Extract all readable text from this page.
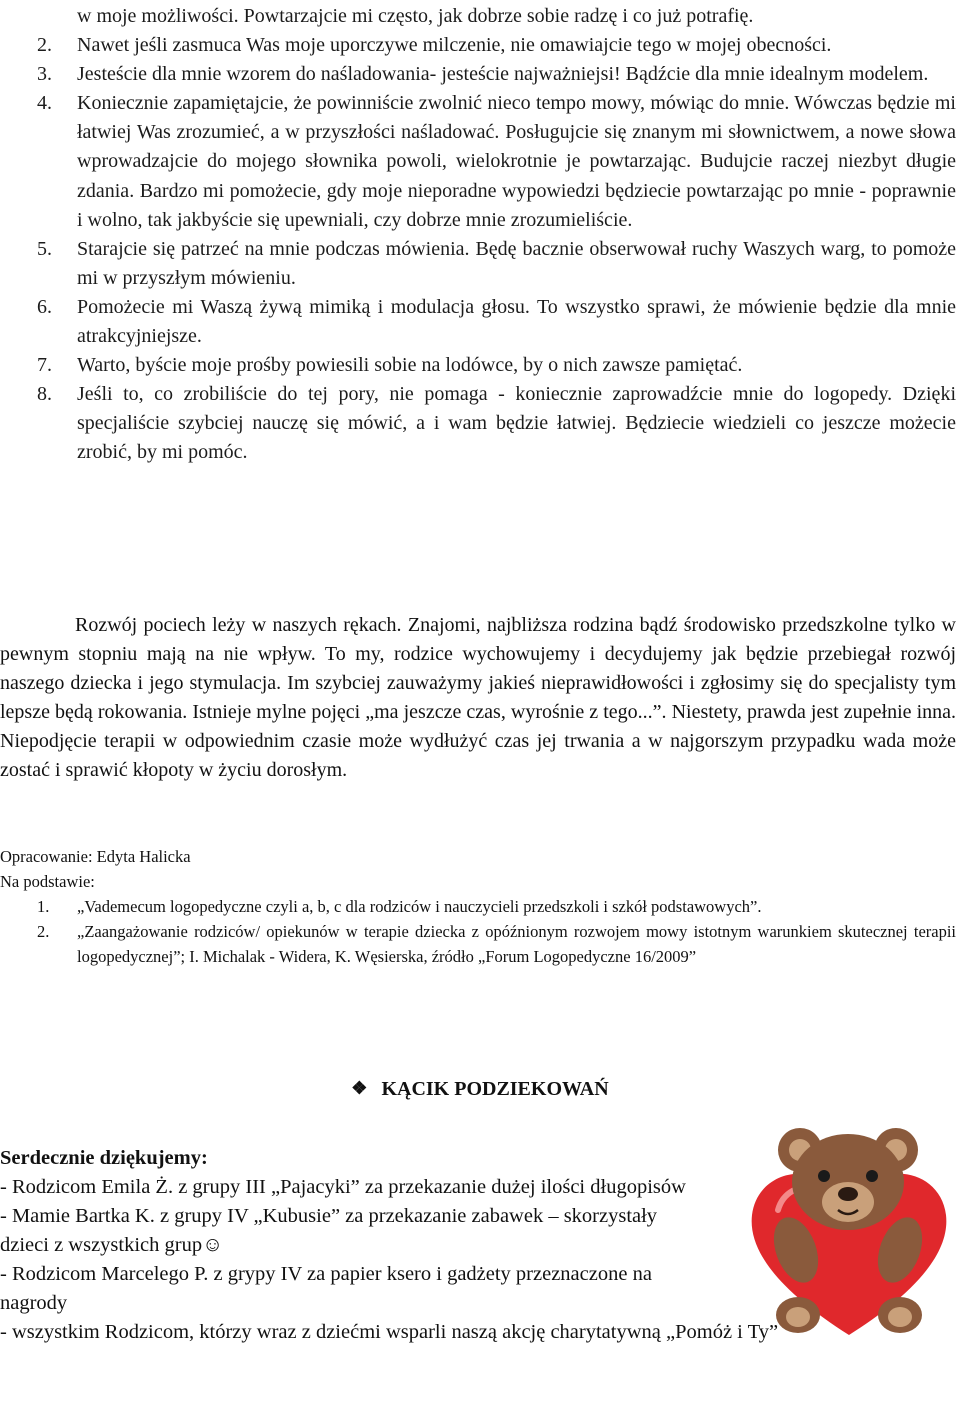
w moje możliwości. Powtarzajcie mi często, jak dobrze sobie radzę i co już potrafię.
2. Nawet jeśli zasmuca Was moje uporczywe milczenie, nie omawiajcie tego w mojej obecności.
3. Jesteście dla mnie wzorem do naśladowania- jesteście najważniejsi! Bądźcie dla mnie idealnym modelem.
4. Koniecznie zapamiętajcie, że powinniście zwolnić nieco tempo mowy, mówiąc do mnie. Wówczas będzie mi łatwiej Was zrozumieć, a w przyszłości naśladować. Posługujcie się znanym mi słownictwem, a nowe słowa wprowadzajcie do mojego słownika powoli, wielokrotnie je powtarzając. Budujcie raczej niezbyt długie zdania. Bardzo mi pomożecie, gdy moje nieporadne wypowiedzi będziecie powtarzając po mnie - poprawnie i wolno, tak jakbyście się upewniali, czy dobrze mnie zrozumieliście.
5. Starajcie się patrzeć na mnie podczas mówienia. Będę bacznie obserwował ruchy Waszych warg, to pomoże mi w przyszłym mówieniu.
6. Pomożecie mi Waszą żywą mimiką i modulacja głosu. To wszystko sprawi, że mówienie będzie dla mnie atrakcyjniejsze.
7. Warto, byście moje prośby powiesili sobie na lodówce, by o nich zawsze pamiętać.
8. Jeśli to, co zrobiliście do tej pory, nie pomaga - koniecznie zaprowadźcie mnie do logopedy. Dzięki specjaliście szybciej nauczę się mówić, a i wam będzie łatwiej. Będziecie wiedzieli co jeszcze możecie zrobić, by mi pomóc.

Rozwój pociech leży w naszych rękach. Znajomi, najbliższa rodzina bądź środowisko przedszkolne tylko w pewnym stopniu mają na nie wpływ. To my, rodzice wychowujemy i decydujemy jak będzie przebiegał rozwój naszego dziecka i jego stymulacja. Im szybciej zauważymy jakieś nieprawidłowości i zgłosimy się do specjalisty tym lepsze będą rokowania. Istnieje mylne pojęci „ma jeszcze czas, wyrośnie z tego...”. Niestety, prawda jest zupełnie inna. Niepodjęcie terapii w odpowiednim czasie może wydłużyć czas jej trwania a w najgorszym przypadku wada może zostać i sprawić kłopoty w życiu dorosłym.

Opracowanie: Edyta Halicka
Na podstawie:
1. „Vademecum logopedyczne czyli a, b, c dla rodziców i nauczycieli przedszkoli i szkół podstawowych”.
2. „Zaangażowanie rodziców/ opiekunów w terapie dziecka z opóźnionym rozwojem mowy istotnym warunkiem skutecznej terapii logopedycznej”; I. Michalak - Widera, K. Węsierska, źródło „Forum Logopedyczne 16/2009”
❖ KĄCIK PODZIEKOWAŃ
Serdecznie dziękujemy:
- Rodzicom Emila Ż. z grupy III „Pajacyki” za przekazanie dużej ilości długopisów
- Mamie Bartka K. z grupy IV „Kubusie” za przekazanie zabawek – skorzystały dzieci z wszystkich grup☺
- Rodzicom Marcelego P. z grypy IV za papier ksero i gadżety przeznaczone na nagrody
- wszystkim Rodzicom, którzy wraz z dziećmi wsparli naszą akcję charytatywną „Pomóż i Ty”
